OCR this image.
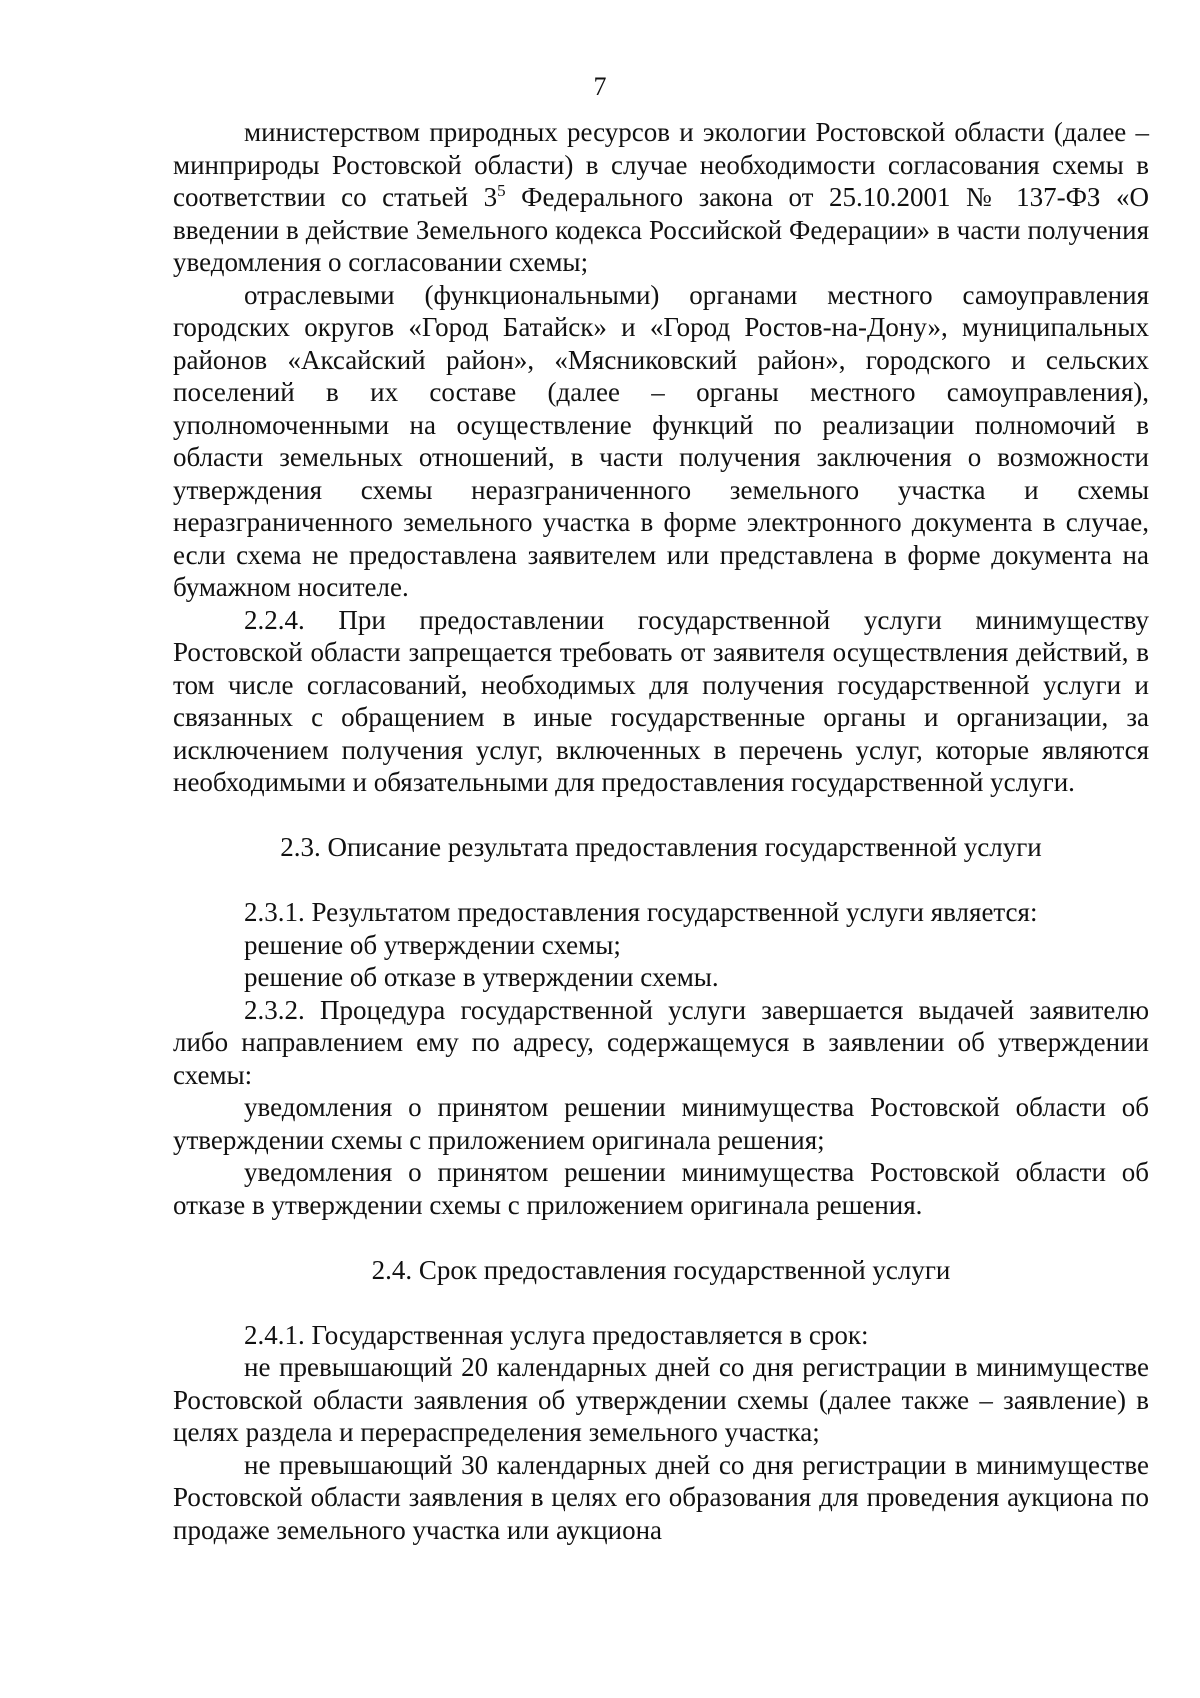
7

министерством природных ресурсов и экологии Ростовской области (далее – минприроды Ростовской области) в случае необходимости согласования схемы в соответствии со статьей $3^5$ Федерального закона от 25.10.2001 № 137-ФЗ «О введении в действие Земельного кодекса Российской Федерации» в части получения уведомления о согласовании схемы;

отраслевыми (функциональными) органами местного самоуправления городских округов «Город Батайск» и «Город Ростов-на-Дону», муниципальных районов «Аксайский район», «Мясниковский район», городского и сельских поселений в их составе (далее – органы местного самоуправления), уполномоченными на осуществление функций по реализации полномочий в области земельных отношений, в части получения заключения о возможности утверждения схемы неразграниченного земельного участка и схемы неразграниченного земельного участка в форме электронного документа в случае, если схема не предоставлена заявителем или представлена в форме документа на бумажном носителе.

2.2.4. При предоставлении государственной услуги минимуществу Ростовской области запрещается требовать от заявителя осуществления действий, в том числе согласований, необходимых для получения государственной услуги и связанных с обращением в иные государственные органы и организации, за исключением получения услуг, включенных в перечень услуг, которые являются необходимыми и обязательными для предоставления государственной услуги.

2.3. Описание результата предоставления государственной услуги

2.3.1. Результатом предоставления государственной услуги является:

решение об утверждении схемы;

решение об отказе в утверждении схемы.

2.3.2. Процедура государственной услуги завершается выдачей заявителю либо направлением ему по адресу, содержащемуся в заявлении об утверждении схемы:

уведомления о принятом решении минимущества Ростовской области об утверждении схемы с приложением оригинала решения;

уведомления о принятом решении минимущества Ростовской области об отказе в утверждении схемы с приложением оригинала решения.

2.4. Срок предоставления государственной услуги

2.4.1. Государственная услуга предоставляется в срок:

не превышающий 20 календарных дней со дня регистрации в минимуществе Ростовской области заявления об утверждении схемы (далее также – заявление) в целях раздела и перераспределения земельного участка;

не превышающий 30 календарных дней со дня регистрации в минимуществе Ростовской области заявления в целях его образования для проведения аукциона по продаже земельного участка или аукциона
